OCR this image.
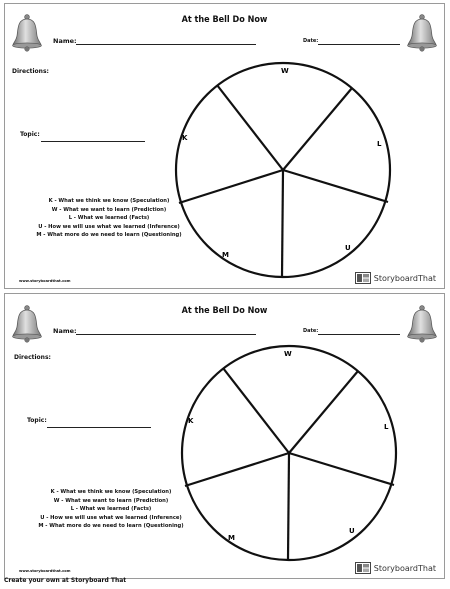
At the Bell Do Now
Name:	Date:
Directions:
Topic:
K - What we think we know (Speculation)
W - What we want to learn (Prediction)
L - What we learned (Facts)
U - How we will use what we learned (Inference)
M - What more do we need to learn (Questioning)
W
L
U
M
K
www.storyboardthat.com	StoryboardThat
At the Bell Do Now
Name:	Date:
Directions:
Topic:
K - What we think we know (Speculation)
W - What we want to learn (Prediction)
L - What we learned (Facts)
U - How we will use what we learned (Inference)
M - What more do we need to learn (Questioning)
W
L
U
M
K
www.storyboardthat.com	StoryboardThat
Create your own at Storyboard That
